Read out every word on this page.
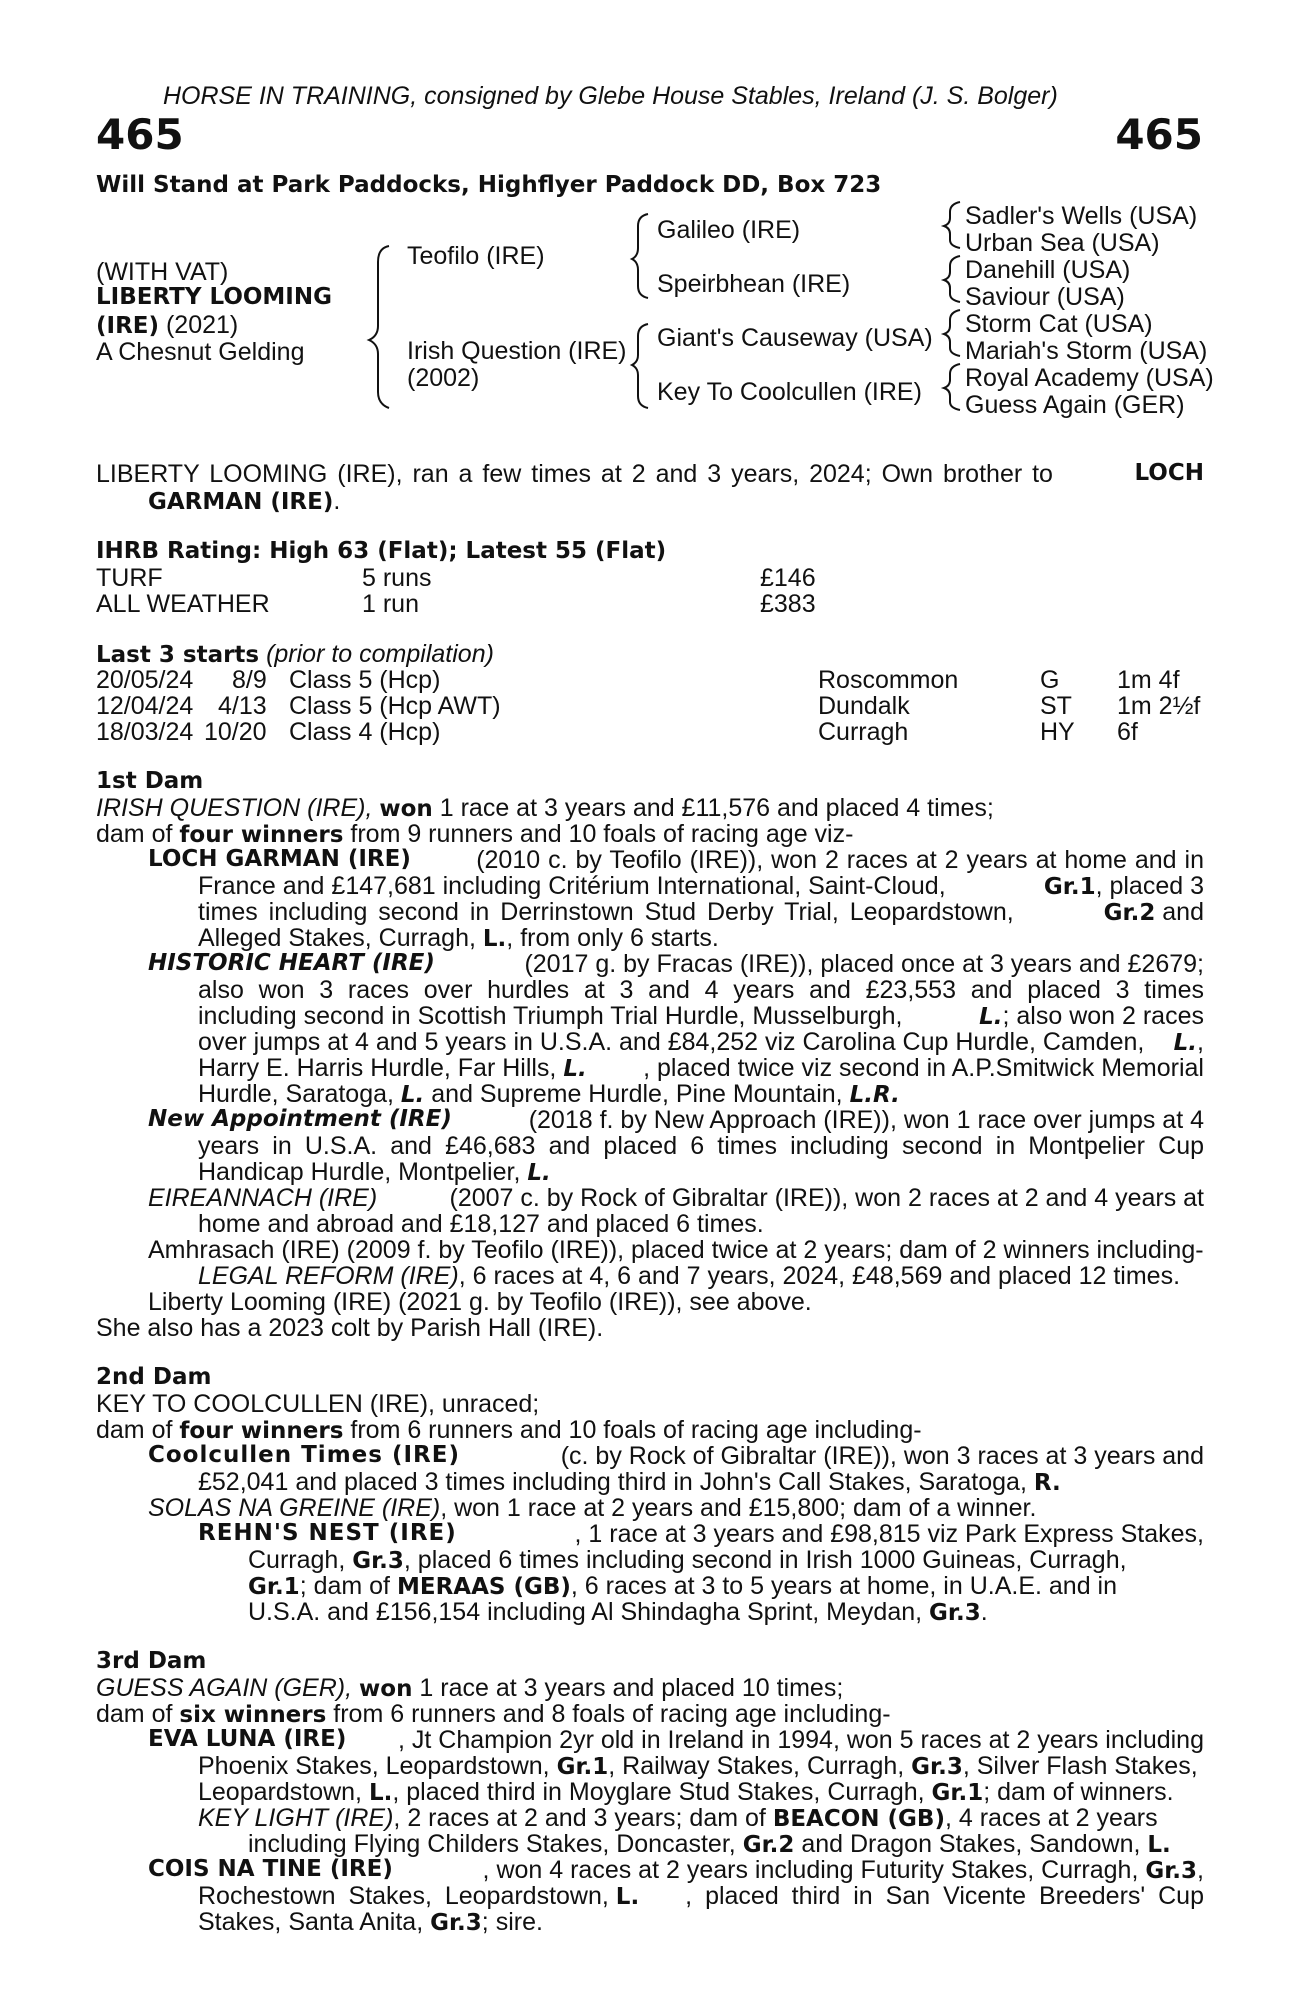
HORSE IN TRAINING, consigned by Glebe House Stables, Ireland (J. S. Bolger)
465	465
Will Stand at Park Paddocks, Highflyer Paddock DD, Box 723
(WITH VAT)
LIBERTY LOOMING
(IRE) (2021)
A Chesnut Gelding
Teofilo (IRE)
Irish Question (IRE)
(2002)
Galileo (IRE)
Speirbhean (IRE)
Giant's Causeway (USA)
Key To Coolcullen (IRE)
Sadler's Wells (USA)
Urban Sea (USA)
Danehill (USA)
Saviour (USA)
Storm Cat (USA)
Mariah's Storm (USA)
Royal Academy (USA)
Guess Again (GER)
LIBERTY LOOMING (IRE), ran a few times at 2 and 3 years, 2024; Own brother to	LOCH
GARMAN (IRE).
IHRB Rating: High 63 (Flat); Latest 55 (Flat)
TURF	5 runs	£146
ALL WEATHER	1 run	£383
Last 3 starts (prior to compilation)
20/05/24 8/9 Class 5 (Hcp)	Roscommon	G 1m 4f
12/04/24 4/13 Class 5 (Hcp AWT)	Dundalk	ST 1m 2½f
18/03/24 10/20 Class 4 (Hcp)	Curragh	HY 6f
1st Dam
IRISH QUESTION (IRE), won 1 race at 3 years and £11,576 and placed 4 times;
dam of four winners from 9 runners and 10 foals of racing age viz-
LOCH GARMAN (IRE)	(2010 c. by Teofilo (IRE)), won 2 races at 2 years at home and in
France and £147,681 including Critérium International, Saint-Cloud,	Gr.1, placed 3
times including second in Derrinstown Stud Derby Trial, Leopardstown,	Gr.2 and
Alleged Stakes, Curragh, L., from only 6 starts.
HISTORIC HEART (IRE)	(2017 g. by Fracas (IRE)), placed once at 3 years and £2679;
also won 3 races over hurdles at 3 and 4 years and £23,553 and placed 3 times
including second in Scottish Triumph Trial Hurdle, Musselburgh,	L.; also won 2 races
over jumps at 4 and 5 years in U.S.A. and £84,252 viz Carolina Cup Hurdle, Camden, L.,
Harry E. Harris Hurdle, Far Hills, L. , placed twice viz second in A.P.Smitwick Memorial
Hurdle, Saratoga, L. and Supreme Hurdle, Pine Mountain, L.R.
New Appointment (IRE)	(2018 f. by New Approach (IRE)), won 1 race over jumps at 4
years in U.S.A. and £46,683 and placed 6 times including second in Montpelier Cup
Handicap Hurdle, Montpelier, L.
EIREANNACH (IRE)	(2007 c. by Rock of Gibraltar (IRE)), won 2 races at 2 and 4 years at
home and abroad and £18,127 and placed 6 times.
Amhrasach (IRE) (2009 f. by Teofilo (IRE)), placed twice at 2 years; dam of 2 winners including-
LEGAL REFORM (IRE), 6 races at 4, 6 and 7 years, 2024, £48,569 and placed 12 times.
Liberty Looming (IRE) (2021 g. by Teofilo (IRE)), see above.
She also has a 2023 colt by Parish Hall (IRE).
2nd Dam
KEY TO COOLCULLEN (IRE), unraced;
dam of four winners from 6 runners and 10 foals of racing age including-
Coolcullen Times (IRE)	(c. by Rock of Gibraltar (IRE)), won 3 races at 3 years and
£52,041 and placed 3 times including third in John's Call Stakes, Saratoga, R.
SOLAS NA GREINE (IRE), won 1 race at 2 years and £15,800; dam of a winner.
REHN'S NEST (IRE)	, 1 race at 3 years and £98,815 viz Park Express Stakes,
Curragh, Gr.3, placed 6 times including second in Irish 1000 Guineas, Curragh,
Gr.1; dam of MERAAS (GB), 6 races at 3 to 5 years at home, in U.A.E. and in
U.S.A. and £156,154 including Al Shindagha Sprint, Meydan, Gr.3.
3rd Dam
GUESS AGAIN (GER), won 1 race at 3 years and placed 10 times;
dam of six winners from 6 runners and 8 foals of racing age including-
EVA LUNA (IRE) , Jt Champion 2yr old in Ireland in 1994, won 5 races at 2 years including
Phoenix Stakes, Leopardstown, Gr.1, Railway Stakes, Curragh, Gr.3, Silver Flash Stakes,
Leopardstown, L., placed third in Moyglare Stud Stakes, Curragh, Gr.1; dam of winners.
KEY LIGHT (IRE), 2 races at 2 and 3 years; dam of BEACON (GB), 4 races at 2 years
including Flying Childers Stakes, Doncaster, Gr.2 and Dragon Stakes, Sandown, L.
COIS NA TINE (IRE)	, won 4 races at 2 years including Futurity Stakes, Curragh, Gr.3,
Rochestown Stakes, Leopardstown, L. , placed third in San Vicente Breeders' Cup
Stakes, Santa Anita, Gr.3; sire.
